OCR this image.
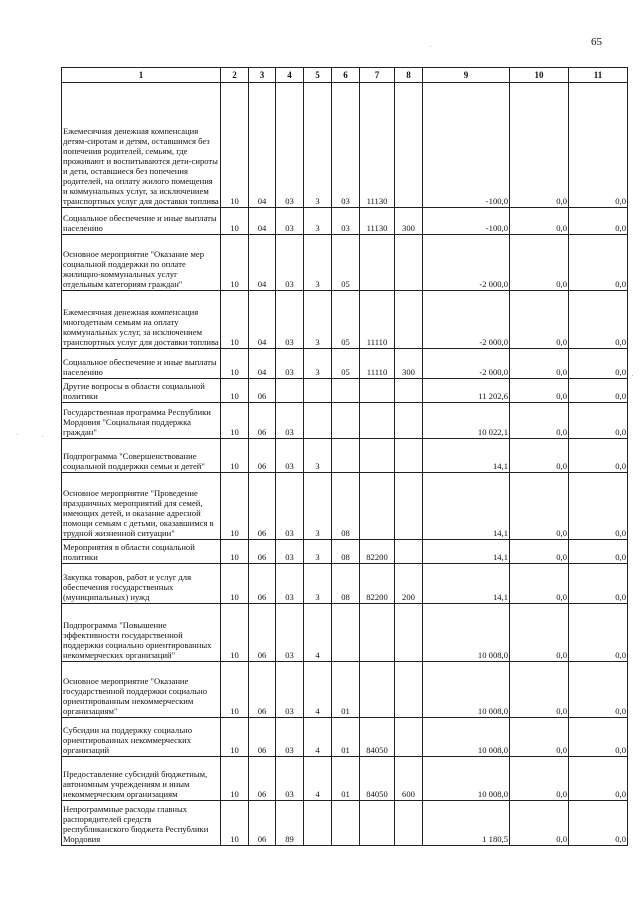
65
1	2	3	4	5	6	7	8	9	10	11
Ежемесячная денежная компенсация детям-сиротам и детям, оставшимся без попечения родителей, семьям, где проживают и воспитываются дети-сироты и дети, оставшиеся без попечения родителей, на оплату жилого помещения и коммунальных услуг, за исключением транспортных услуг для доставки топлива	10	04	03	3	03	11130		-100,0	0,0	0,0
Социальное обеспечение и иные выплаты населению	10	04	03	3	03	11130	300	-100,0	0,0	0,0
Основное мероприятие "Оказание мер социальной поддержки по оплате жилищно-коммунальных услуг отдельным категориям граждан"	10	04	03	3	05			-2 000,0	0,0	0,0
Ежемесячная денежная компенсация многодетным семьям на оплату коммунальных услуг, за исключением транспортных услуг для доставки топлива	10	04	03	3	05	11110		-2 000,0	0,0	0,0
Социальное обеспечение и иные выплаты населению	10	04	03	3	05	11110	300	-2 000,0	0,0	0,0
Другие вопросы в области социальной политики	10	06						11 202,6	0,0	0,0
Государственная программа Республики Мордовия "Социальная поддержка граждан"	10	06	03					10 022,1	0,0	0,0
Подпрограмма "Совершенствование социальной поддержки семьи и детей"	10	06	03	3				14,1	0,0	0,0
Основное мероприятие "Проведение праздничных мероприятий для семей, имеющих детей, и оказание адресной помощи семьям с детьми, оказавшимся в трудной жизненной ситуации"	10	06	03	3	08			14,1	0,0	0,0
Мероприятия в области социальной политики	10	06	03	3	08	82200		14,1	0,0	0,0
Закупка товаров, работ и услуг для обеспечения государственных (муниципальных) нужд	10	06	03	3	08	82200	200	14,1	0,0	0,0
Подпрограмма "Повышение эффективности государственной поддержки социально ориентированных некоммерческих организаций"	10	06	03	4				10 008,0	0,0	0,0
Основное мероприятие "Оказание государственной поддержки социально ориентированным некоммерческим организациям"	10	06	03	4	01			10 008,0	0,0	0,0
Субсидии на поддержку социально ориентированных некоммерческих организаций	10	06	03	4	01	84050		10 008,0	0,0	0,0
Предоставление субсидий бюджетным, автономным учреждениям и иным некоммерческим организациям	10	06	03	4	01	84050	600	10 008,0	0,0	0,0
Непрограммные расходы главных распорядителей средств республиканского бюджета Республики Мордовия	10	06	89					1 180,5	0,0	0,0
